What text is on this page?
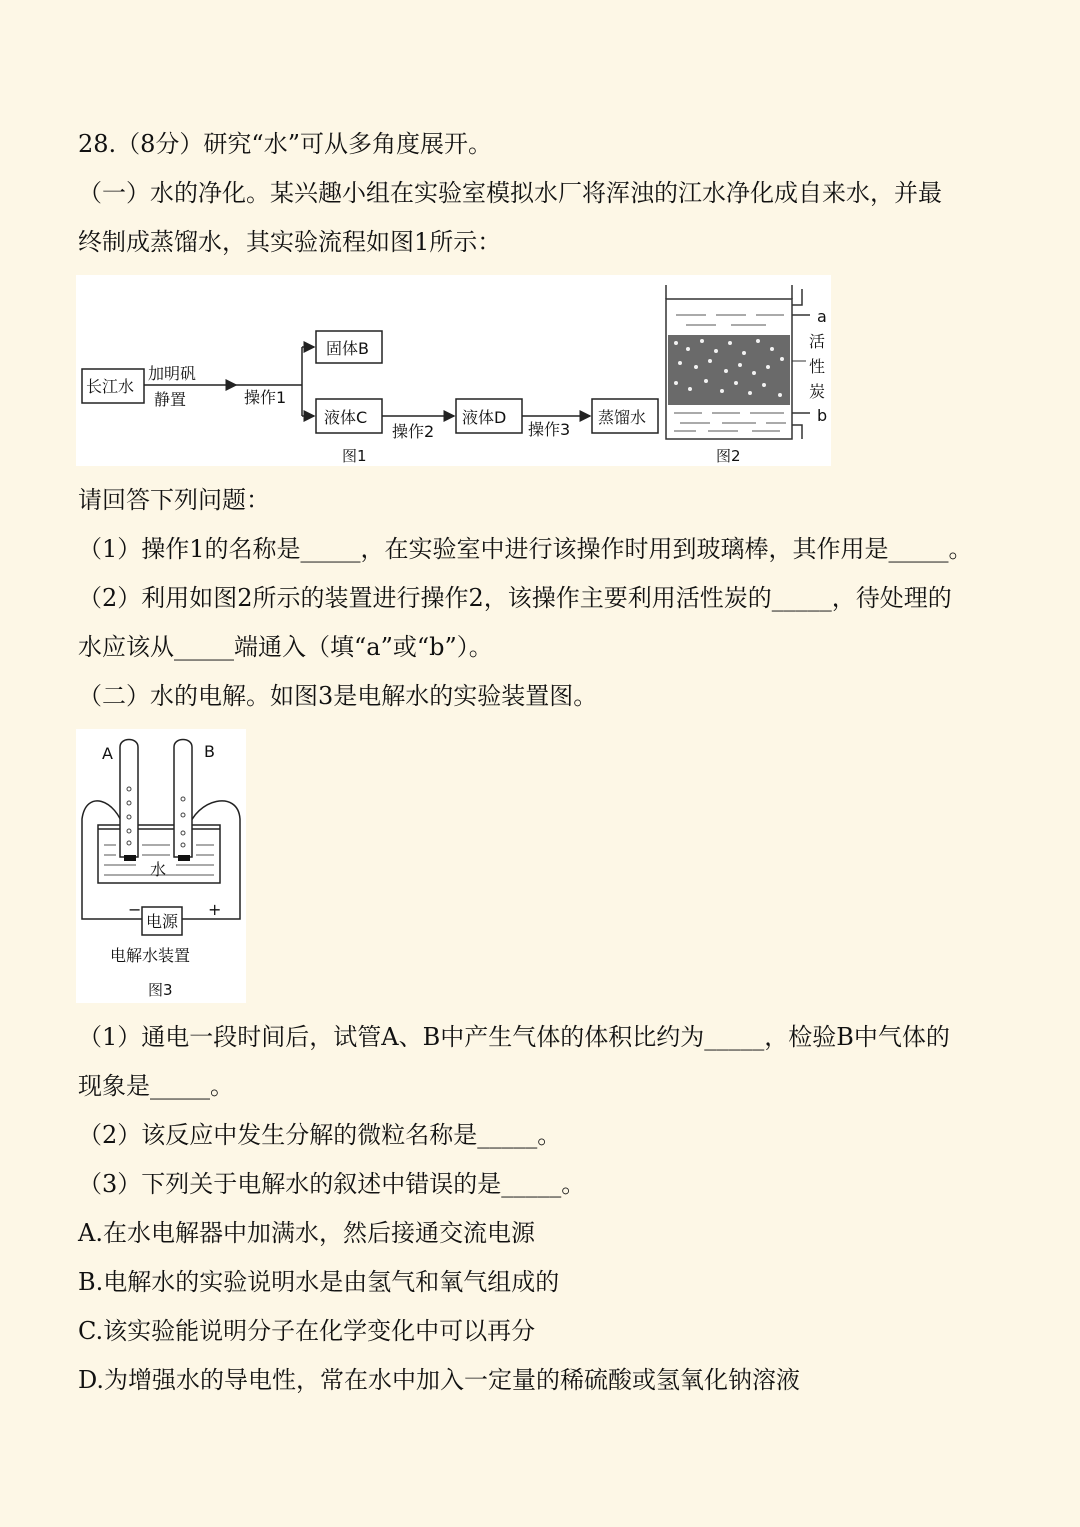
28.（8分）研究“水”可从多角度展开。
（一）水的净化。某兴趣小组在实验室模拟水厂将浑浊的江水净化成自来水，并最
终制成蒸馏水，其实验流程如图1所示：
长江水
加明矾
静置	操作1
固体B
液体C
操作2
液体D
操作3
蒸馏水
图1
a
活
性
炭
b
图2
请回答下列问题：
（1）操作1的名称是_____，在实验室中进行该操作时用到玻璃棒，其作用是_____。
（2）利用如图2所示的装置进行操作2，该操作主要利用活性炭的_____，待处理的
水应该从_____端通入（填“a”或“b”）。
（二）水的电解。如图3是电解水的实验装置图。
A	B
水
−	+
电源
电解水装置
图3
（1）通电一段时间后，试管A、B中产生气体的体积比约为_____，检验B中气体的
现象是_____。
（2）该反应中发生分解的微粒名称是_____。
（3）下列关于电解水的叙述中错误的是_____。
A.在水电解器中加满水，然后接通交流电源
B.电解水的实验说明水是由氢气和氧气组成的
C.该实验能说明分子在化学变化中可以再分
D.为增强水的导电性，常在水中加入一定量的稀硫酸或氢氧化钠溶液
